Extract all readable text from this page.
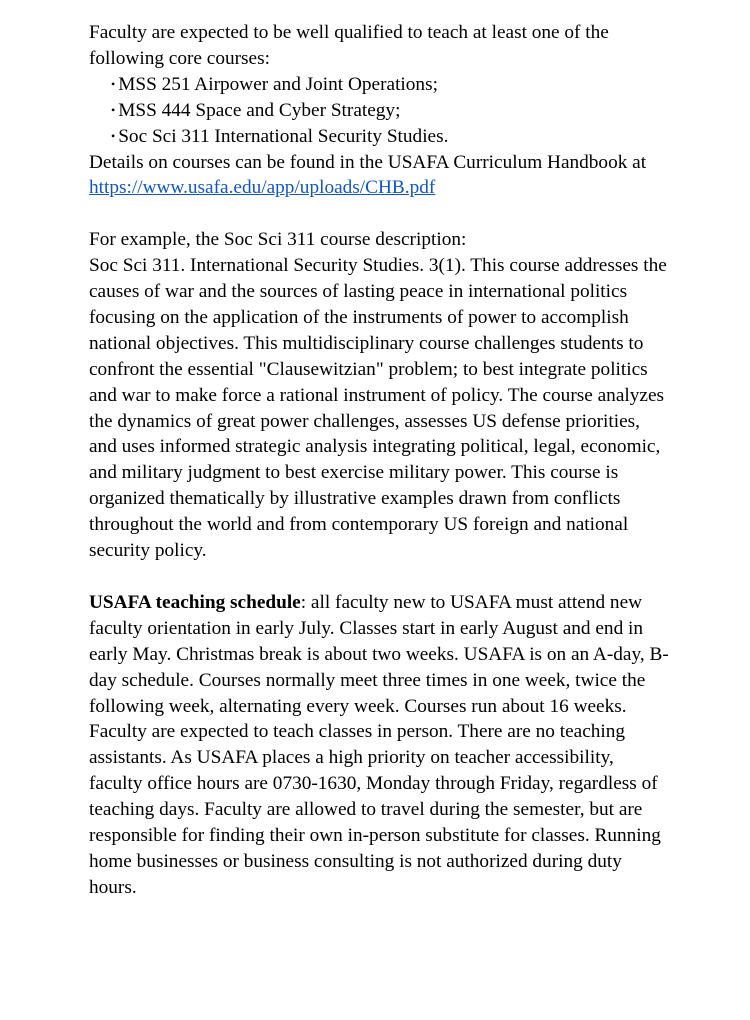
Faculty are expected to be well qualified to teach at least one of the following core courses:

• MSS 251 Airpower and Joint Operations;
• MSS 444 Space and Cyber Strategy;
• Soc Sci 311 International Security Studies.

Details on courses can be found in the USAFA Curriculum Handbook at https://www.usafa.edu/app/uploads/CHB.pdf

For example, the Soc Sci 311 course description:

Soc Sci 311. International Security Studies. 3(1). This course addresses the causes of war and the sources of lasting peace in international politics focusing on the application of the instruments of power to accomplish national objectives. This multidisciplinary course challenges students to confront the essential "Clausewitzian" problem; to best integrate politics and war to make force a rational instrument of policy. The course analyzes the dynamics of great power challenges, assesses US defense priorities, and uses informed strategic analysis integrating political, legal, economic, and military judgment to best exercise military power. This course is organized thematically by illustrative examples drawn from conflicts throughout the world and from contemporary US foreign and national security policy.

USAFA teaching schedule: all faculty new to USAFA must attend new faculty orientation in early July. Classes start in early August and end in early May. Christmas break is about two weeks. USAFA is on an A-day, B-day schedule. Courses normally meet three times in one week, twice the following week, alternating every week. Courses run about 16 weeks. Faculty are expected to teach classes in person. There are no teaching assistants. As USAFA places a high priority on teacher accessibility, faculty office hours are 0730-1630, Monday through Friday, regardless of teaching days. Faculty are allowed to travel during the semester, but are responsible for finding their own in-person substitute for classes. Running home businesses or business consulting is not authorized during duty hours.
